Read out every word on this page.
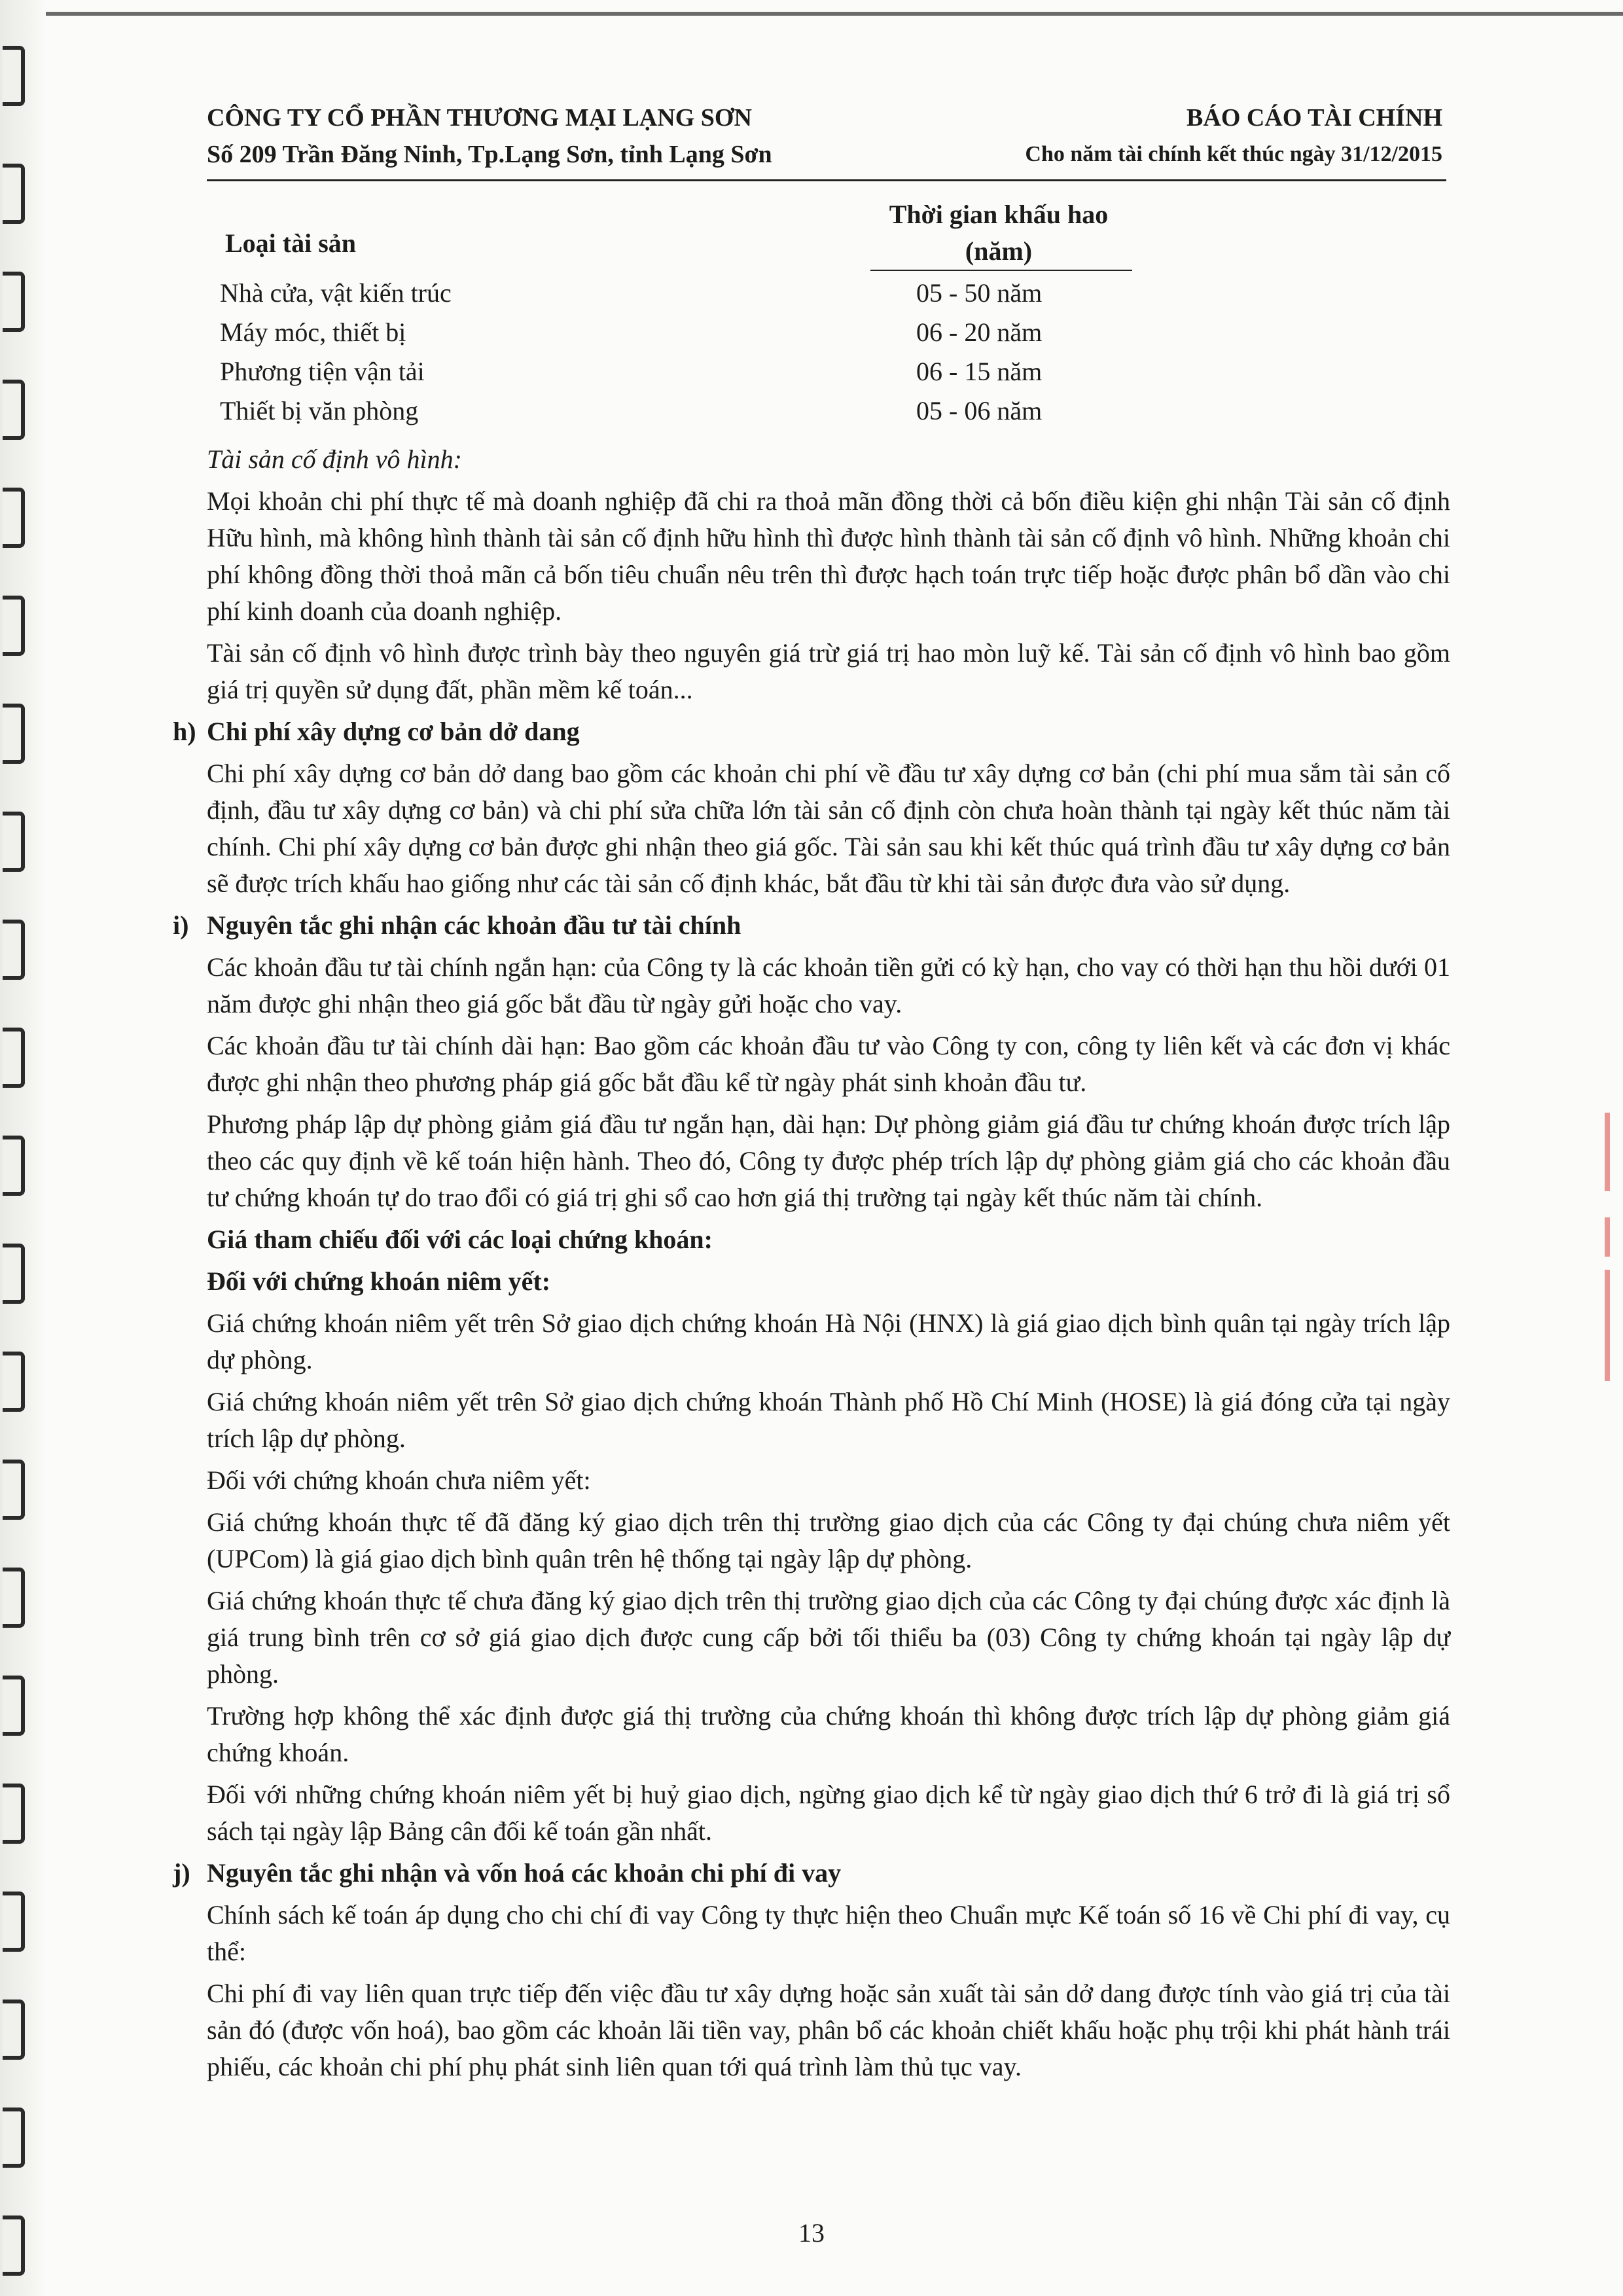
CÔNG TY CỔ PHẦN THƯƠNG MẠI LẠNG SƠN
Số 209 Trần Đăng Ninh, Tp.Lạng Sơn, tỉnh Lạng Sơn
BÁO CÁO TÀI CHÍNH
Cho năm tài chính kết thúc ngày 31/12/2015
Loại tài sản
Thời gian khấu hao
(năm)
Nhà cửa, vật kiến trúc	05 - 50 năm
Máy móc, thiết bị	06 - 20 năm
Phương tiện vận tải	06 - 15 năm
Thiết bị văn phòng	05 - 06 năm

Tài sản cố định vô hình:

Mọi khoản chi phí thực tế mà doanh nghiệp đã chi ra thoả mãn đồng thời cả bốn điều kiện ghi nhận Tài sản cố định Hữu hình, mà không hình thành tài sản cố định hữu hình thì được hình thành tài sản cố định vô hình. Những khoản chi phí không đồng thời thoả mãn cả bốn tiêu chuẩn nêu trên thì được hạch toán trực tiếp hoặc được phân bổ dần vào chi phí kinh doanh của doanh nghiệp.

Tài sản cố định vô hình được trình bày theo nguyên giá trừ giá trị hao mòn luỹ kế. Tài sản cố định vô hình bao gồm giá trị quyền sử dụng đất, phần mềm kế toán...

h) Chi phí xây dựng cơ bản dở dang

Chi phí xây dựng cơ bản dở dang bao gồm các khoản chi phí về đầu tư xây dựng cơ bản (chi phí mua sắm tài sản cố định, đầu tư xây dựng cơ bản) và chi phí sửa chữa lớn tài sản cố định còn chưa hoàn thành tại ngày kết thúc năm tài chính. Chi phí xây dựng cơ bản được ghi nhận theo giá gốc. Tài sản sau khi kết thúc quá trình đầu tư xây dựng cơ bản sẽ được trích khấu hao giống như các tài sản cố định khác, bắt đầu từ khi tài sản được đưa vào sử dụng.

i) Nguyên tắc ghi nhận các khoản đầu tư tài chính

Các khoản đầu tư tài chính ngắn hạn: của Công ty là các khoản tiền gửi có kỳ hạn, cho vay có thời hạn thu hồi dưới 01 năm được ghi nhận theo giá gốc bắt đầu từ ngày gửi hoặc cho vay.

Các khoản đầu tư tài chính dài hạn: Bao gồm các khoản đầu tư vào Công ty con, công ty liên kết và các đơn vị khác được ghi nhận theo phương pháp giá gốc bắt đầu kể từ ngày phát sinh khoản đầu tư.

Phương pháp lập dự phòng giảm giá đầu tư ngắn hạn, dài hạn: Dự phòng giảm giá đầu tư chứng khoán được trích lập theo các quy định về kế toán hiện hành. Theo đó, Công ty được phép trích lập dự phòng giảm giá cho các khoản đầu tư chứng khoán tự do trao đổi có giá trị ghi sổ cao hơn giá thị trường tại ngày kết thúc năm tài chính.

Giá tham chiếu đối với các loại chứng khoán:

Đối với chứng khoán niêm yết:

Giá chứng khoán niêm yết trên Sở giao dịch chứng khoán Hà Nội (HNX) là giá giao dịch bình quân tại ngày trích lập dự phòng.

Giá chứng khoán niêm yết trên Sở giao dịch chứng khoán Thành phố Hồ Chí Minh (HOSE) là giá đóng cửa tại ngày trích lập dự phòng.

Đối với chứng khoán chưa niêm yết:

Giá chứng khoán thực tế đã đăng ký giao dịch trên thị trường giao dịch của các Công ty đại chúng chưa niêm yết (UPCom) là giá giao dịch bình quân trên hệ thống tại ngày lập dự phòng.

Giá chứng khoán thực tế chưa đăng ký giao dịch trên thị trường giao dịch của các Công ty đại chúng được xác định là giá trung bình trên cơ sở giá giao dịch được cung cấp bởi tối thiểu ba (03) Công ty chứng khoán tại ngày lập dự phòng.

Trường hợp không thể xác định được giá thị trường của chứng khoán thì không được trích lập dự phòng giảm giá chứng khoán.

Đối với những chứng khoán niêm yết bị huỷ giao dịch, ngừng giao dịch kể từ ngày giao dịch thứ 6 trở đi là giá trị sổ sách tại ngày lập Bảng cân đối kế toán gần nhất.

j) Nguyên tắc ghi nhận và vốn hoá các khoản chi phí đi vay

Chính sách kế toán áp dụng cho chi chí đi vay Công ty thực hiện theo Chuẩn mực Kế toán số 16 về Chi phí đi vay, cụ thể:

Chi phí đi vay liên quan trực tiếp đến việc đầu tư xây dựng hoặc sản xuất tài sản dở dang được tính vào giá trị của tài sản đó (được vốn hoá), bao gồm các khoản lãi tiền vay, phân bổ các khoản chiết khấu hoặc phụ trội khi phát hành trái phiếu, các khoản chi phí phụ phát sinh liên quan tới quá trình làm thủ tục vay.

13
